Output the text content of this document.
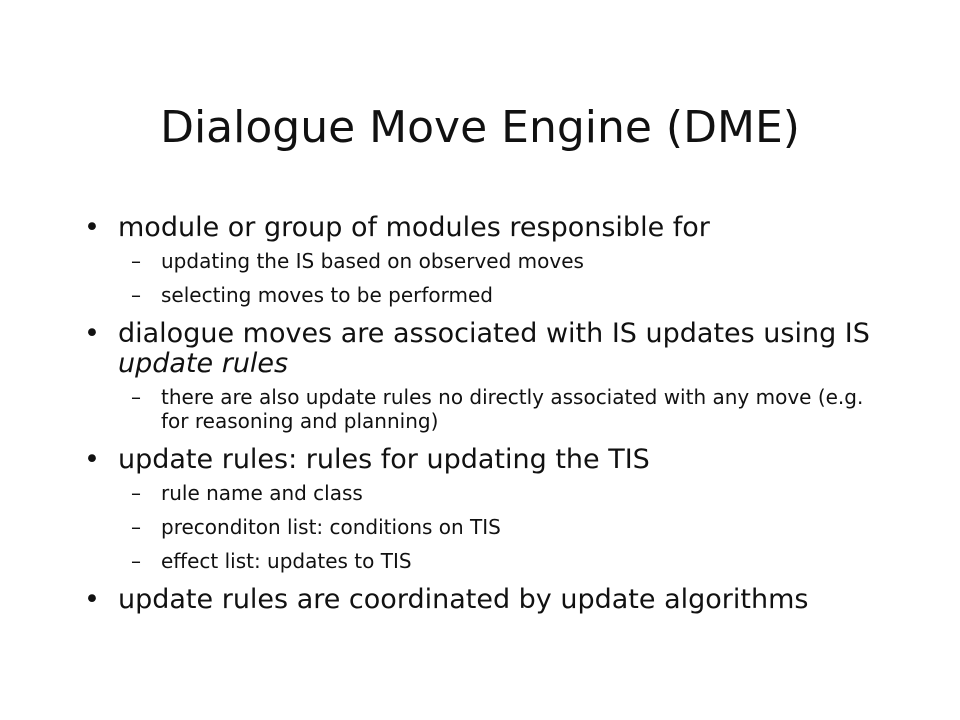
Dialogue Move Engine (DME)
• module or group of modules responsible for
– updating the IS based on observed moves
– selecting moves to be performed
• dialogue moves are associated with IS updates using IS update rules
– there are also update rules no directly associated with any move (e.g. for reasoning and planning)
• update rules: rules for updating the TIS
– rule name and class
– preconditon list: conditions on TIS
– effect list: updates to TIS
• update rules are coordinated by update algorithms
